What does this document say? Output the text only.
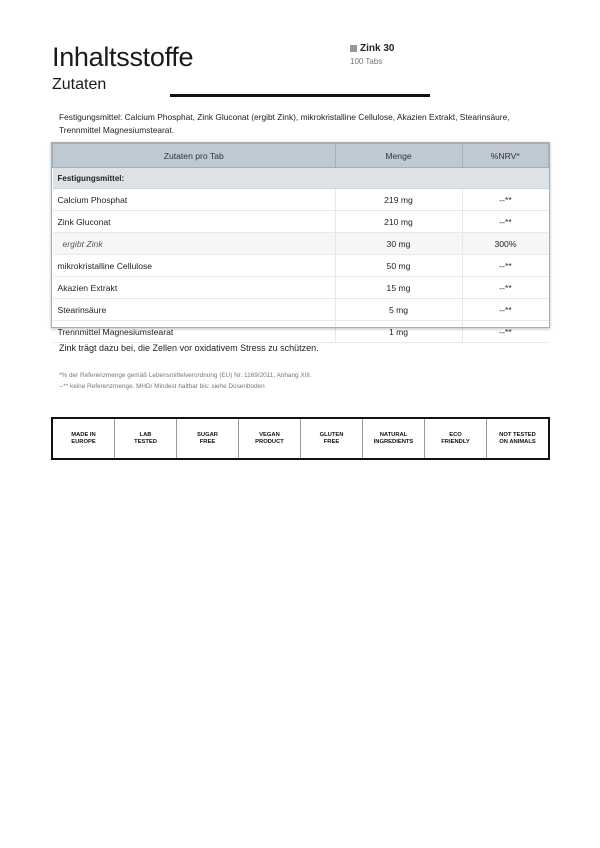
Inhaltsstoffe
Zutaten
Zink 30
100 Tabs
Festigungsmittel: Calcium Phosphat, Zink Gluconat (ergibt Zink), mikrokristalline Cellulose, Akazien Extrakt, Stearinsäure, Trennmittel Magnesiumstearat.
Zutaten pro Tab	Menge	%NRV*
Festigungsmittel:		
Calcium Phosphat	219 mg	--**
Zink Gluconat	210 mg	--**
ergibt Zink	30 mg	300%
mikrokristalline Cellulose	50 mg	--**
Akazien Extrakt	15 mg	--**
Stearinsäure	5 mg	--**
Trennmittel Magnesiumstearat	1 mg	--**
Zink trägt dazu bei, die Zellen vor oxidativem Stress zu schützen.
*% der Referenzmenge gemäß Lebensmittelverordnung (EU) Nr. 1169/2011, Anhang XIII.
--** keine Referenzmenge. MHD/ Mindest haltbar bis: siehe Dosenboden
MADE IN
EUROPE
LAB
TESTED
SUGAR
FREE
VEGAN
PRODUCT
GLUTEN
FREE
NATURAL
INGREDIENTS
ECO
FRIENDLY
NOT TESTED
ON ANIMALS
